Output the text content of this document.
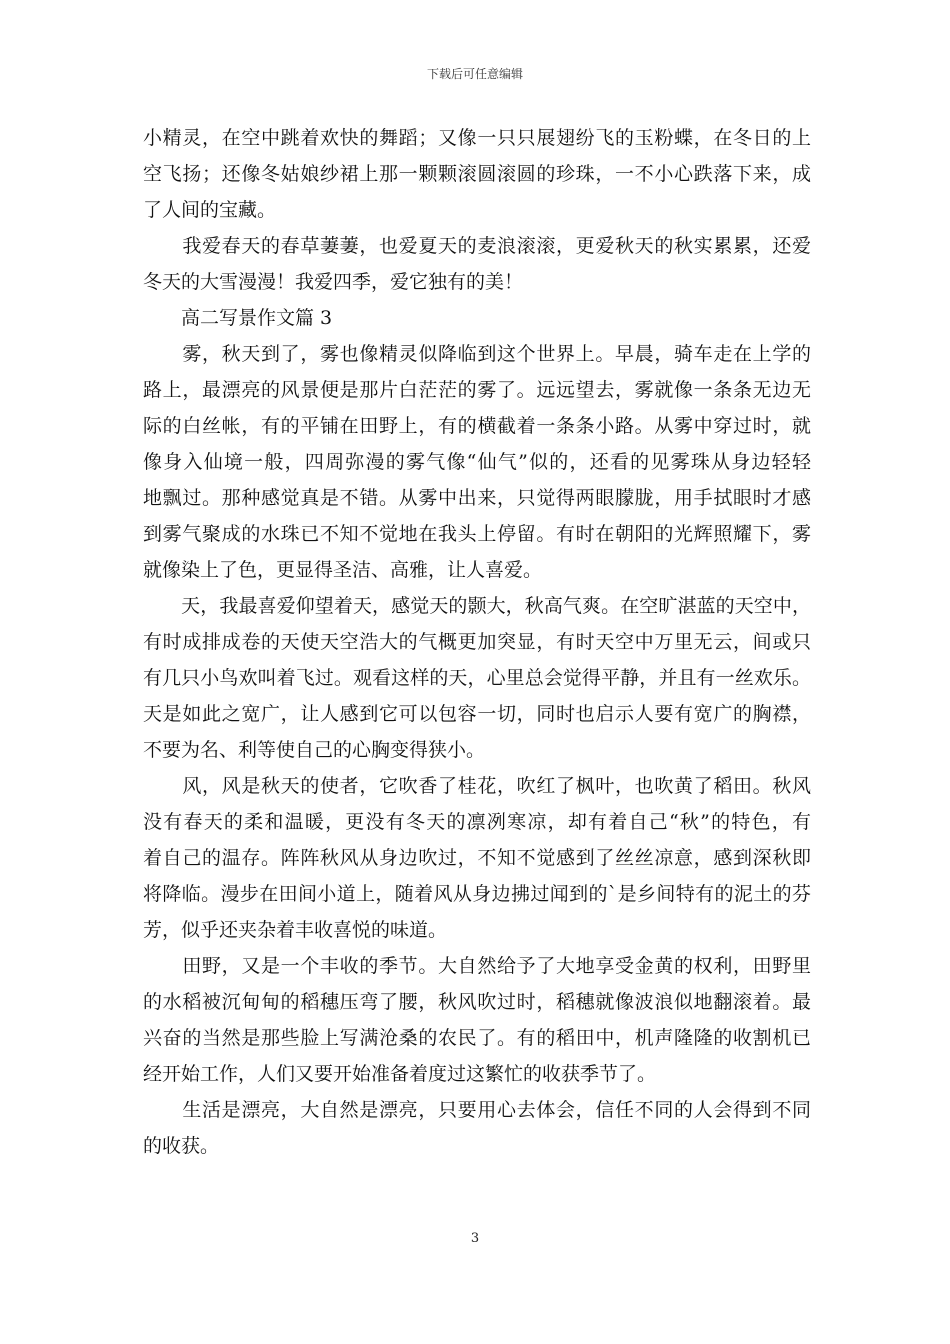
下载后可任意编辑
小精灵，在空中跳着欢快的舞蹈；又像一只只展翅纷飞的玉粉蝶，在冬日的上
空飞扬；还像冬姑娘纱裙上那一颗颗滚圆滚圆的珍珠，一不小心跌落下来，成
了人间的宝藏。
　　我爱春天的春草萋萋，也爱夏天的麦浪滚滚，更爱秋天的秋实累累，还爱
冬天的大雪漫漫！我爱四季，爱它独有的美！
　　高二写景作文篇 3
　　雾，秋天到了，雾也像精灵似降临到这个世界上。早晨，骑车走在上学的
路上，最漂亮的风景便是那片白茫茫的雾了。远远望去，雾就像一条条无边无
际的白丝帐，有的平铺在田野上，有的横截着一条条小路。从雾中穿过时，就
像身入仙境一般，四周弥漫的雾气像“仙气”似的，还看的见雾珠从身边轻轻
地飘过。那种感觉真是不错。从雾中出来，只觉得两眼朦胧，用手拭眼时才感
到雾气聚成的水珠已不知不觉地在我头上停留。有时在朝阳的光辉照耀下，雾
就像染上了色，更显得圣洁、高雅，让人喜爱。
　　天，我最喜爱仰望着天，感觉天的颢大，秋高气爽。在空旷湛蓝的天空中，
有时成排成卷的天使天空浩大的气概更加突显，有时天空中万里无云，间或只
有几只小鸟欢叫着飞过。观看这样的天，心里总会觉得平静，并且有一丝欢乐。
天是如此之宽广，让人感到它可以包容一切，同时也启示人要有宽广的胸襟，
不要为名、利等使自己的心胸变得狭小。
　　风，风是秋天的使者，它吹香了桂花，吹红了枫叶，也吹黄了稻田。秋风
没有春天的柔和温暖，更没有冬天的凛冽寒凉，却有着自己“秋”的特色，有
着自己的温存。阵阵秋风从身边吹过，不知不觉感到了丝丝凉意，感到深秋即
将降临。漫步在田间小道上，随着风从身边拂过闻到的`是乡间特有的泥土的芬
芳，似乎还夹杂着丰收喜悦的味道。
　　田野，又是一个丰收的季节。大自然给予了大地享受金黄的权利，田野里
的水稻被沉甸甸的稻穗压弯了腰，秋风吹过时，稻穗就像波浪似地翻滚着。最
兴奋的当然是那些脸上写满沧桑的农民了。有的稻田中，机声隆隆的收割机已
经开始工作，人们又要开始准备着度过这繁忙的收获季节了。
　　生活是漂亮，大自然是漂亮，只要用心去体会，信任不同的人会得到不同
的收获。
3
